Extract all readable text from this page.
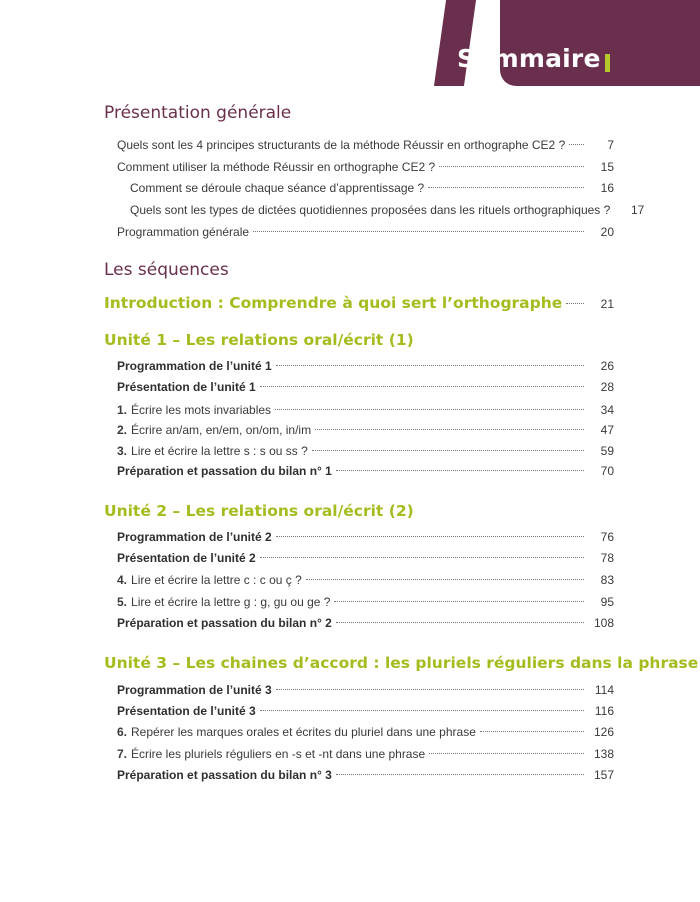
Sommaire
Présentation générale
Quels sont les 4 principes structurants de la méthode Réussir en orthographe CE2 ?	7
Comment utiliser la méthode Réussir en orthographe CE2 ?	15
Comment se déroule chaque séance d’apprentissage ?	16
Quels sont les types de dictées quotidiennes proposées dans les rituels orthographiques ?	17
Programmation générale	20
Les séquences
Introduction : Comprendre à quoi sert l’orthographe	21
Unité 1 – Les relations oral/écrit (1)
Programmation de l’unité 1	26
Présentation de l’unité 1	28
1. Écrire les mots invariables	34
2. Écrire an/am, en/em, on/om, in/im	47
3. Lire et écrire la lettre s : s ou ss ?	59
Préparation et passation du bilan n° 1	70
Unité 2 – Les relations oral/écrit (2)
Programmation de l’unité 2	76
Présentation de l’unité 2	78
4. Lire et écrire la lettre c : c ou ç ?	83
5. Lire et écrire la lettre g : g, gu ou ge ?	95
Préparation et passation du bilan n° 2	108
Unité 3 – Les chaines d’accord : les pluriels réguliers dans la phrase
Programmation de l’unité 3	114
Présentation de l’unité 3	116
6. Repérer les marques orales et écrites du pluriel dans une phrase	126
7. Écrire les pluriels réguliers en -s et -nt dans une phrase	138
Préparation et passation du bilan n° 3	157
